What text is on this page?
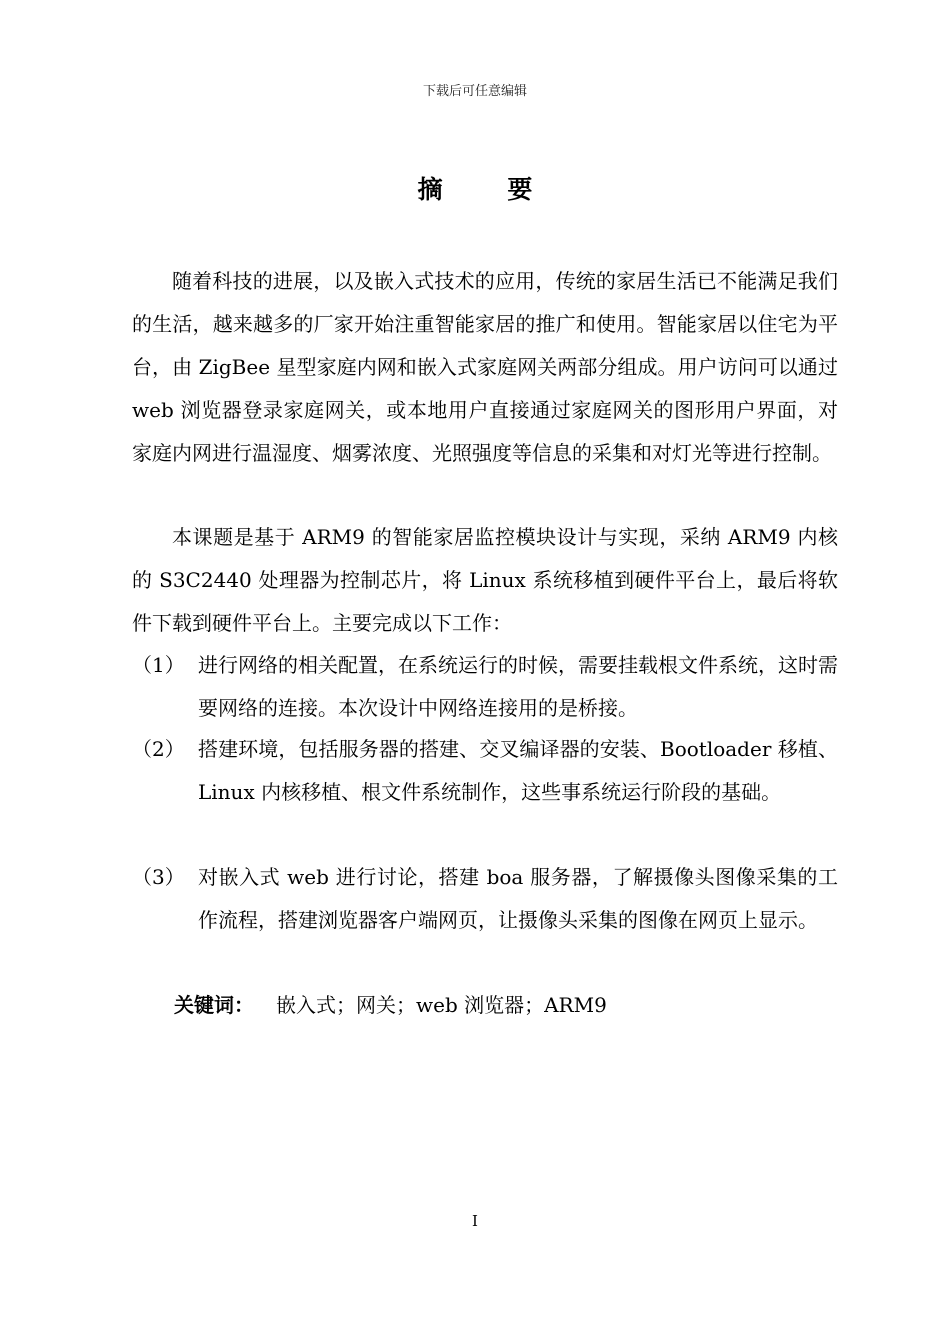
下载后可任意编辑
摘 要

随着科技的进展，以及嵌入式技术的应用，传统的家居生活已不能满足我们的生活，越来越多的厂家开始注重智能家居的推广和使用。智能家居以住宅为平台，由 ZigBee 星型家庭内网和嵌入式家庭网关两部分组成。用户访问可以通过 web 浏览器登录家庭网关，或本地用户直接通过家庭网关的图形用户界面，对家庭内网进行温湿度、烟雾浓度、光照强度等信息的采集和对灯光等进行控制。

本课题是基于 ARM9 的智能家居监控模块设计与实现，采纳 ARM9 内核的 S3C2440 处理器为控制芯片，将 Linux 系统移植到硬件平台上，最后将软件下载到硬件平台上。主要完成以下工作：

（1） 进行网络的相关配置，在系统运行的时候，需要挂载根文件系统，这时需要网络的连接。本次设计中网络连接用的是桥接。
（2） 搭建环境，包括服务器的搭建、交叉编译器的安装、Bootloader 移植、Linux 内核移植、根文件系统制作，这些事系统运行阶段的基础。
（3） 对嵌入式 web 进行讨论，搭建 boa 服务器，了解摄像头图像采集的工作流程，搭建浏览器客户端网页，让摄像头采集的图像在网页上显示。
关键词： 嵌入式；网关；web 浏览器；ARM9
I
